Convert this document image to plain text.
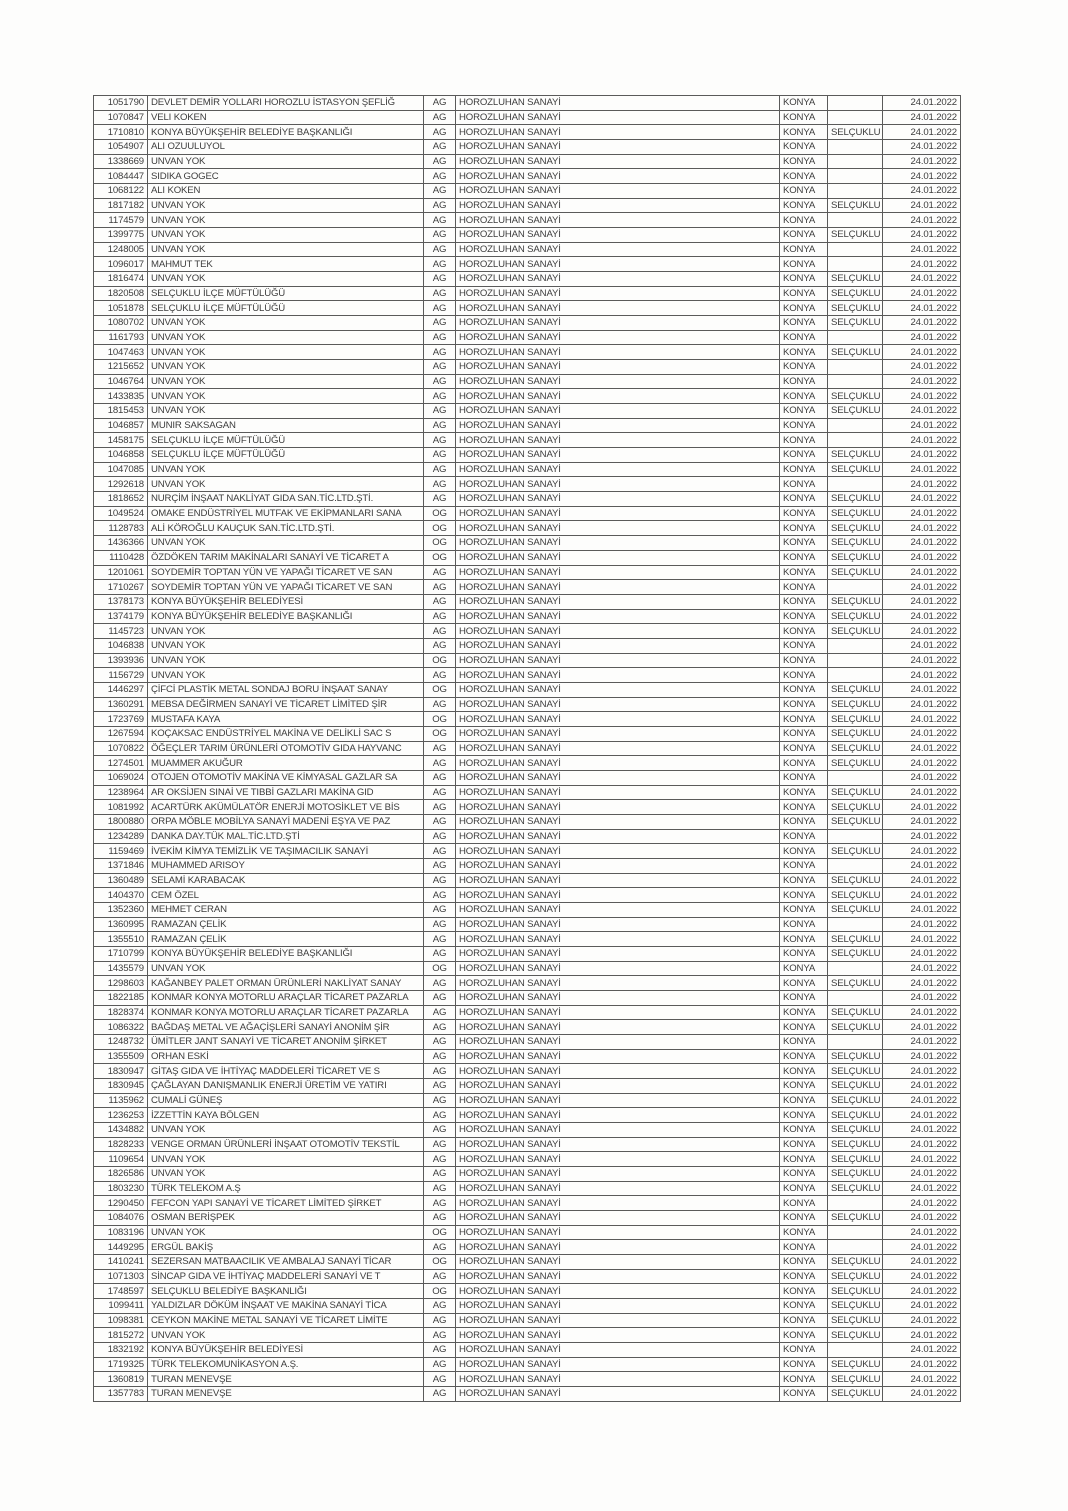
1051790	DEVLET DEMİR YOLLARI HOROZLU İSTASYON ŞEFLİĞ	AG	HOROZLUHAN SANAYİ	KONYA		24.01.2022
1070847	VELI KOKEN	AG	HOROZLUHAN SANAYİ	KONYA		24.01.2022
1710810	KONYA BÜYÜKŞEHİR BELEDİYE BAŞKANLIĞI	AG	HOROZLUHAN SANAYİ	KONYA	SELÇUKLU	24.01.2022
1054907	ALI OZUULUYOL	AG	HOROZLUHAN SANAYİ	KONYA		24.01.2022
1338669	UNVAN YOK	AG	HOROZLUHAN SANAYİ	KONYA		24.01.2022
1084447	SIDIKA GOGEC	AG	HOROZLUHAN SANAYİ	KONYA		24.01.2022
1068122	ALI KOKEN	AG	HOROZLUHAN SANAYİ	KONYA		24.01.2022
1817182	UNVAN YOK	AG	HOROZLUHAN SANAYİ	KONYA	SELÇUKLU	24.01.2022
1174579	UNVAN YOK	AG	HOROZLUHAN SANAYİ	KONYA		24.01.2022
1399775	UNVAN YOK	AG	HOROZLUHAN SANAYİ	KONYA	SELÇUKLU	24.01.2022
1248005	UNVAN YOK	AG	HOROZLUHAN SANAYİ	KONYA		24.01.2022
1096017	MAHMUT TEK	AG	HOROZLUHAN SANAYİ	KONYA		24.01.2022
1816474	UNVAN YOK	AG	HOROZLUHAN SANAYİ	KONYA	SELÇUKLU	24.01.2022
1820508	SELÇUKLU İLÇE MÜFTÜLÜĞÜ	AG	HOROZLUHAN SANAYİ	KONYA	SELÇUKLU	24.01.2022
1051878	SELÇUKLU İLÇE MÜFTÜLÜĞÜ	AG	HOROZLUHAN SANAYİ	KONYA	SELÇUKLU	24.01.2022
1080702	UNVAN YOK	AG	HOROZLUHAN SANAYİ	KONYA	SELÇUKLU	24.01.2022
1161793	UNVAN YOK	AG	HOROZLUHAN SANAYİ	KONYA		24.01.2022
1047463	UNVAN YOK	AG	HOROZLUHAN SANAYİ	KONYA	SELÇUKLU	24.01.2022
1215652	UNVAN YOK	AG	HOROZLUHAN SANAYİ	KONYA		24.01.2022
1046764	UNVAN YOK	AG	HOROZLUHAN SANAYİ	KONYA		24.01.2022
1433835	UNVAN YOK	AG	HOROZLUHAN SANAYİ	KONYA	SELÇUKLU	24.01.2022
1815453	UNVAN YOK	AG	HOROZLUHAN SANAYİ	KONYA	SELÇUKLU	24.01.2022
1046857	MUNIR SAKSAGAN	AG	HOROZLUHAN SANAYİ	KONYA		24.01.2022
1458175	SELÇUKLU İLÇE MÜFTÜLÜĞÜ	AG	HOROZLUHAN SANAYİ	KONYA		24.01.2022
1046858	SELÇUKLU İLÇE MÜFTÜLÜĞÜ	AG	HOROZLUHAN SANAYİ	KONYA	SELÇUKLU	24.01.2022
1047085	UNVAN YOK	AG	HOROZLUHAN SANAYİ	KONYA	SELÇUKLU	24.01.2022
1292618	UNVAN YOK	AG	HOROZLUHAN SANAYİ	KONYA		24.01.2022
1818652	NURÇİM İNŞAAT NAKLİYAT GIDA SAN.TİC.LTD.ŞTİ.	AG	HOROZLUHAN SANAYİ	KONYA	SELÇUKLU	24.01.2022
1049524	OMAKE ENDÜSTRİYEL MUTFAK VE EKİPMANLARI SANA	OG	HOROZLUHAN SANAYİ	KONYA	SELÇUKLU	24.01.2022
1128783	ALİ KÖROĞLU KAUÇUK SAN.TİC.LTD.ŞTİ.	OG	HOROZLUHAN SANAYİ	KONYA	SELÇUKLU	24.01.2022
1436366	UNVAN YOK	OG	HOROZLUHAN SANAYİ	KONYA	SELÇUKLU	24.01.2022
1110428	ÖZDÖKEN TARIM MAKİNALARI SANAYİ VE TİCARET A	OG	HOROZLUHAN SANAYİ	KONYA	SELÇUKLU	24.01.2022
1201061	SOYDEMİR TOPTAN YÜN VE YAPAĞI TİCARET VE SAN	AG	HOROZLUHAN SANAYİ	KONYA	SELÇUKLU	24.01.2022
1710267	SOYDEMİR TOPTAN YÜN VE YAPAĞI TİCARET VE SAN	AG	HOROZLUHAN SANAYİ	KONYA		24.01.2022
1378173	KONYA BÜYÜKŞEHİR BELEDİYESİ	AG	HOROZLUHAN SANAYİ	KONYA	SELÇUKLU	24.01.2022
1374179	KONYA BÜYÜKŞEHİR BELEDİYE BAŞKANLIĞI	AG	HOROZLUHAN SANAYİ	KONYA	SELÇUKLU	24.01.2022
1145723	UNVAN YOK	AG	HOROZLUHAN SANAYİ	KONYA	SELÇUKLU	24.01.2022
1046838	UNVAN YOK	AG	HOROZLUHAN SANAYİ	KONYA		24.01.2022
1393936	UNVAN YOK	OG	HOROZLUHAN SANAYİ	KONYA		24.01.2022
1156729	UNVAN YOK	AG	HOROZLUHAN SANAYİ	KONYA		24.01.2022
1446297	ÇİFCİ PLASTİK METAL SONDAJ BORU İNŞAAT SANAY	OG	HOROZLUHAN SANAYİ	KONYA	SELÇUKLU	24.01.2022
1360291	MEBSA DEĞİRMEN SANAYİ VE TİCARET LİMİTED ŞİR	AG	HOROZLUHAN SANAYİ	KONYA	SELÇUKLU	24.01.2022
1723769	MUSTAFA KAYA	OG	HOROZLUHAN SANAYİ	KONYA	SELÇUKLU	24.01.2022
1267594	KOÇAKSAC ENDÜSTRİYEL MAKİNA VE DELİKLİ SAC S	OG	HOROZLUHAN SANAYİ	KONYA	SELÇUKLU	24.01.2022
1070822	ÖĞEÇLER TARIM ÜRÜNLERİ OTOMOTİV GIDA HAYVANC	AG	HOROZLUHAN SANAYİ	KONYA	SELÇUKLU	24.01.2022
1274501	MUAMMER AKUĞUR	AG	HOROZLUHAN SANAYİ	KONYA	SELÇUKLU	24.01.2022
1069024	OTOJEN OTOMOTİV MAKİNA VE KİMYASAL GAZLAR SA	AG	HOROZLUHAN SANAYİ	KONYA		24.01.2022
1238964	AR OKSİJEN SINAİ VE TIBBİ GAZLARI MAKİNA GID	AG	HOROZLUHAN SANAYİ	KONYA	SELÇUKLU	24.01.2022
1081992	ACARTÜRK AKÜMÜLATÖR ENERJİ MOTOSİKLET VE BİS	AG	HOROZLUHAN SANAYİ	KONYA	SELÇUKLU	24.01.2022
1800880	ORPA MÖBLE MOBİLYA SANAYİ MADENİ EŞYA VE PAZ	AG	HOROZLUHAN SANAYİ	KONYA	SELÇUKLU	24.01.2022
1234289	DANKA DAY.TÜK MAL.TİC.LTD.ŞTİ	AG	HOROZLUHAN SANAYİ	KONYA		24.01.2022
1159469	İVEKİM KİMYA TEMİZLİK VE TAŞIMACILIK SANAYİ	AG	HOROZLUHAN SANAYİ	KONYA	SELÇUKLU	24.01.2022
1371846	MUHAMMED ARISOY	AG	HOROZLUHAN SANAYİ	KONYA		24.01.2022
1360489	SELAMİ KARABACAK	AG	HOROZLUHAN SANAYİ	KONYA	SELÇUKLU	24.01.2022
1404370	CEM ÖZEL	AG	HOROZLUHAN SANAYİ	KONYA	SELÇUKLU	24.01.2022
1352360	MEHMET CERAN	AG	HOROZLUHAN SANAYİ	KONYA	SELÇUKLU	24.01.2022
1360995	RAMAZAN ÇELİK	AG	HOROZLUHAN SANAYİ	KONYA		24.01.2022
1355510	RAMAZAN ÇELİK	AG	HOROZLUHAN SANAYİ	KONYA	SELÇUKLU	24.01.2022
1710799	KONYA BÜYÜKŞEHİR BELEDİYE BAŞKANLIĞI	AG	HOROZLUHAN SANAYİ	KONYA	SELÇUKLU	24.01.2022
1435579	UNVAN YOK	OG	HOROZLUHAN SANAYİ	KONYA		24.01.2022
1298603	KAĞANBEY PALET ORMAN ÜRÜNLERİ NAKLİYAT SANAY	AG	HOROZLUHAN SANAYİ	KONYA	SELÇUKLU	24.01.2022
1822185	KONMAR KONYA MOTORLU ARAÇLAR TİCARET PAZARLA	AG	HOROZLUHAN SANAYİ	KONYA		24.01.2022
1828374	KONMAR KONYA MOTORLU ARAÇLAR TİCARET PAZARLA	AG	HOROZLUHAN SANAYİ	KONYA	SELÇUKLU	24.01.2022
1086322	BAĞDAŞ METAL VE AĞAÇİŞLERİ SANAYİ ANONİM ŞİR	AG	HOROZLUHAN SANAYİ	KONYA	SELÇUKLU	24.01.2022
1248732	ÜMİTLER JANT SANAYİ VE TİCARET ANONİM ŞİRKET	AG	HOROZLUHAN SANAYİ	KONYA		24.01.2022
1355509	ORHAN ESKİ	AG	HOROZLUHAN SANAYİ	KONYA	SELÇUKLU	24.01.2022
1830947	GİTAŞ GIDA VE İHTİYAÇ MADDELERİ TİCARET VE S	AG	HOROZLUHAN SANAYİ	KONYA	SELÇUKLU	24.01.2022
1830945	ÇAĞLAYAN DANIŞMANLIK ENERJİ ÜRETİM VE YATIRI	AG	HOROZLUHAN SANAYİ	KONYA	SELÇUKLU	24.01.2022
1135962	CUMALİ GÜNEŞ	AG	HOROZLUHAN SANAYİ	KONYA	SELÇUKLU	24.01.2022
1236253	İZZETTİN KAYA BÖLGEN	AG	HOROZLUHAN SANAYİ	KONYA	SELÇUKLU	24.01.2022
1434882	UNVAN YOK	AG	HOROZLUHAN SANAYİ	KONYA	SELÇUKLU	24.01.2022
1828233	VENGE ORMAN ÜRÜNLERİ İNŞAAT OTOMOTİV TEKSTİL	AG	HOROZLUHAN SANAYİ	KONYA	SELÇUKLU	24.01.2022
1109654	UNVAN YOK	AG	HOROZLUHAN SANAYİ	KONYA	SELÇUKLU	24.01.2022
1826586	UNVAN YOK	AG	HOROZLUHAN SANAYİ	KONYA	SELÇUKLU	24.01.2022
1803230	TÜRK TELEKOM A.Ş	AG	HOROZLUHAN SANAYİ	KONYA	SELÇUKLU	24.01.2022
1290450	FEFCON YAPI SANAYİ VE TİCARET LİMİTED ŞİRKET	AG	HOROZLUHAN SANAYİ	KONYA		24.01.2022
1084076	OSMAN BERİŞPEK	AG	HOROZLUHAN SANAYİ	KONYA	SELÇUKLU	24.01.2022
1083196	UNVAN YOK	OG	HOROZLUHAN SANAYİ	KONYA		24.01.2022
1449295	ERGÜL BAKİŞ	AG	HOROZLUHAN SANAYİ	KONYA		24.01.2022
1410241	SEZERSAN MATBAACILIK VE AMBALAJ SANAYİ TİCAR	OG	HOROZLUHAN SANAYİ	KONYA	SELÇUKLU	24.01.2022
1071303	SİNCAP GIDA VE İHTİYAÇ MADDELERİ SANAYİ VE T	AG	HOROZLUHAN SANAYİ	KONYA	SELÇUKLU	24.01.2022
1748597	SELÇUKLU BELEDİYE BAŞKANLIĞI	OG	HOROZLUHAN SANAYİ	KONYA	SELÇUKLU	24.01.2022
1099411	YALDIZLAR DÖKÜM İNŞAAT VE MAKİNA SANAYİ TİCA	AG	HOROZLUHAN SANAYİ	KONYA	SELÇUKLU	24.01.2022
1098381	CEYKON MAKİNE METAL SANAYİ VE TİCARET LİMİTE	AG	HOROZLUHAN SANAYİ	KONYA	SELÇUKLU	24.01.2022
1815272	UNVAN YOK	AG	HOROZLUHAN SANAYİ	KONYA	SELÇUKLU	24.01.2022
1832192	KONYA BÜYÜKŞEHİR BELEDİYESİ	AG	HOROZLUHAN SANAYİ	KONYA		24.01.2022
1719325	TÜRK TELEKOMUNİKASYON A.Ş.	AG	HOROZLUHAN SANAYİ	KONYA	SELÇUKLU	24.01.2022
1360819	TURAN MENEVŞE	AG	HOROZLUHAN SANAYİ	KONYA	SELÇUKLU	24.01.2022
1357783	TURAN MENEVŞE	AG	HOROZLUHAN SANAYİ	KONYA	SELÇUKLU	24.01.2022
